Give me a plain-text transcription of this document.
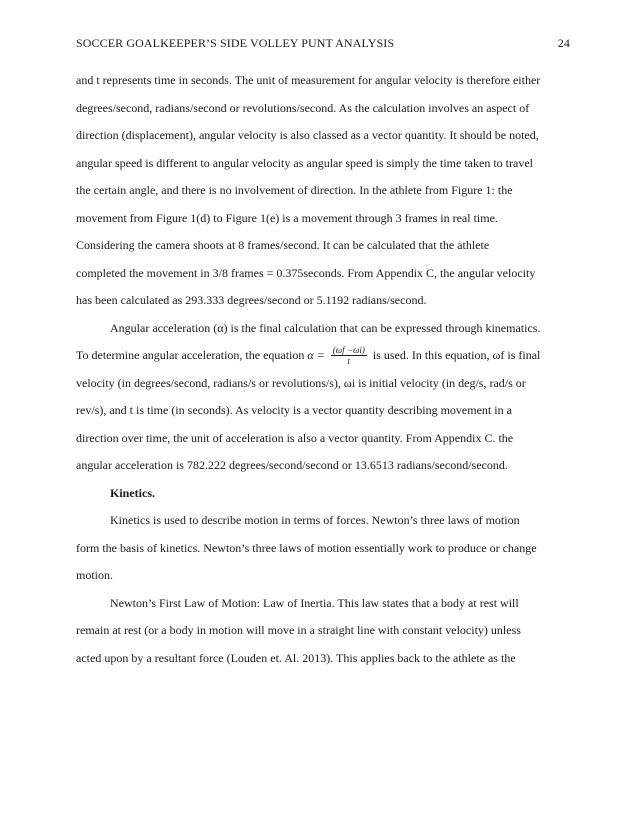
SOCCER GOALKEEPER’S SIDE VOLLEY PUNT ANALYSIS	24
and t represents time in seconds. The unit of measurement for angular velocity is therefore either
degrees/second, radians/second or revolutions/second. As the calculation involves an aspect of
direction (displacement), angular velocity is also classed as a vector quantity. It should be noted,
angular speed is different to angular velocity as angular speed is simply the time taken to travel
the certain angle, and there is no involvement of direction. In the athlete from Figure 1: the
movement from Figure 1(d) to Figure 1(e) is a movement through 3 frames in real time.
Considering the camera shoots at 8 frames/second. It can be calculated that the athlete
completed the movement in 3/8 frames = 0.375seconds. From Appendix C, the angular velocity
has been calculated as 293.333 degrees/second or 5.1192 radians/second.
Angular acceleration (α) is the final calculation that can be expressed through kinematics.
To determine angular acceleration, the equation $\alpha = \frac{(\omega f -\omega i)}{t}$ is used. In this equation, ωf is final
velocity (in degrees/second, radians/s or revolutions/s), ωi is initial velocity (in deg/s, rad/s or
rev/s), and t is time (in seconds). As velocity is a vector quantity describing movement in a
direction over time, the unit of acceleration is also a vector quantity. From Appendix C. the
angular acceleration is 782.222 degrees/second/second or 13.6513 radians/second/second.
Kinetics.
Kinetics is used to describe motion in terms of forces. Newton’s three laws of motion
form the basis of kinetics. Newton’s three laws of motion essentially work to produce or change
motion.
Newton’s First Law of Motion: Law of Inertia. This law states that a body at rest will
remain at rest (or a body in motion will move in a straight line with constant velocity) unless
acted upon by a resultant force (Louden et. Al. 2013). This applies back to the athlete as the
